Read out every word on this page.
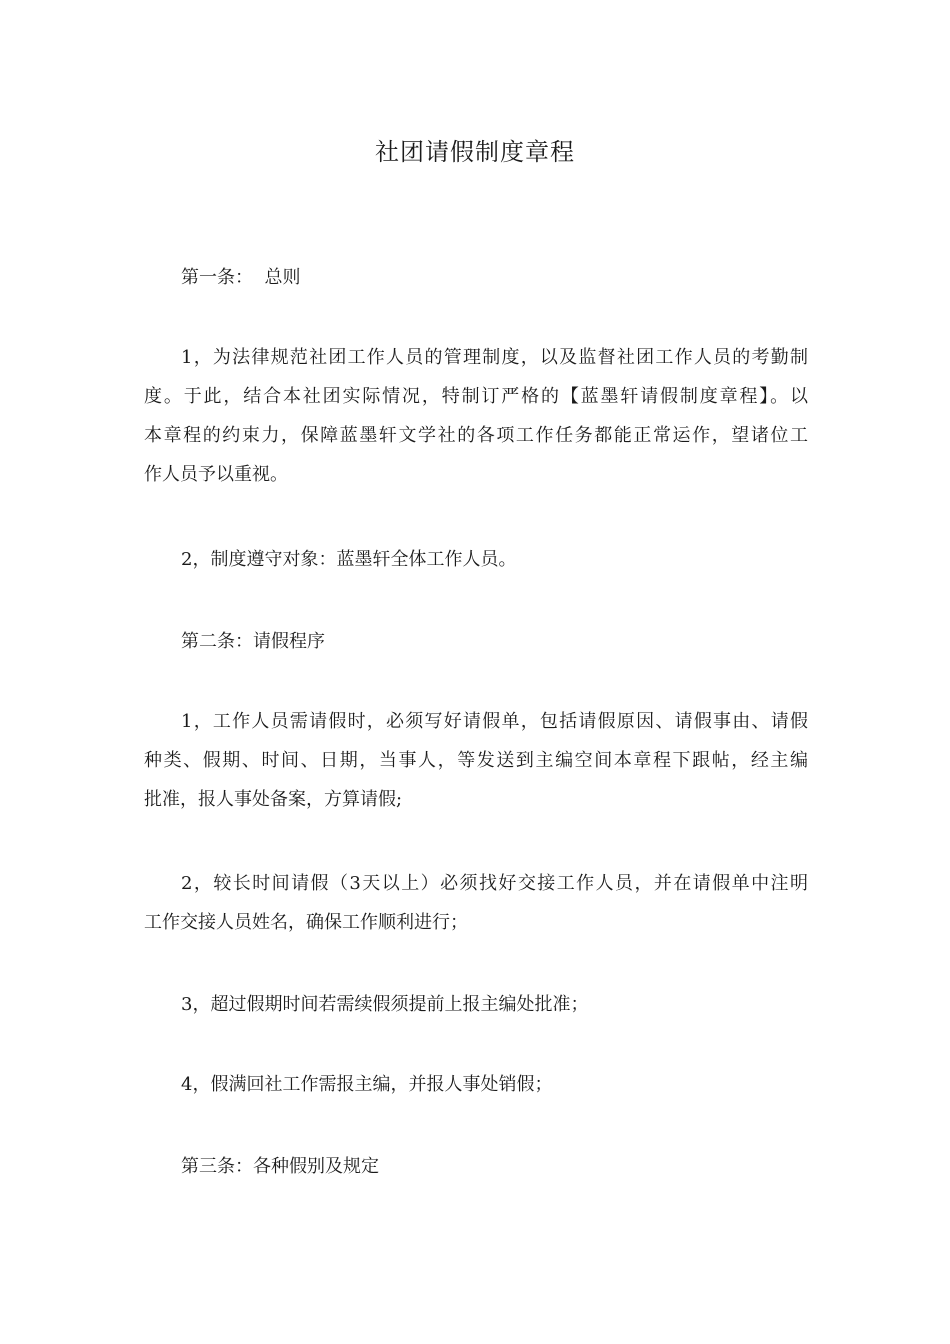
社团请假制度章程
第一条：  总则
1，为法律规范社团工作人员的管理制度，以及监督社团工作人员的考勤制
度。于此，结合本社团实际情况，特制订严格的【蓝墨轩请假制度章程】。以
本章程的约束力，保障蓝墨轩文学社的各项工作任务都能正常运作，望诸位工
作人员予以重视。
2，制度遵守对象：蓝墨轩全体工作人员。
第二条：请假程序
1，工作人员需请假时，必须写好请假单，包括请假原因、请假事由、请假
种类、假期、时间、日期，当事人，等发送到主编空间本章程下跟帖，经主编
批准，报人事处备案，方算请假;
2，较长时间请假（3天以上）必须找好交接工作人员，并在请假单中注明
工作交接人员姓名，确保工作顺利进行；
3，超过假期时间若需续假须提前上报主编处批准；
4，假满回社工作需报主编，并报人事处销假；
第三条：各种假别及规定
